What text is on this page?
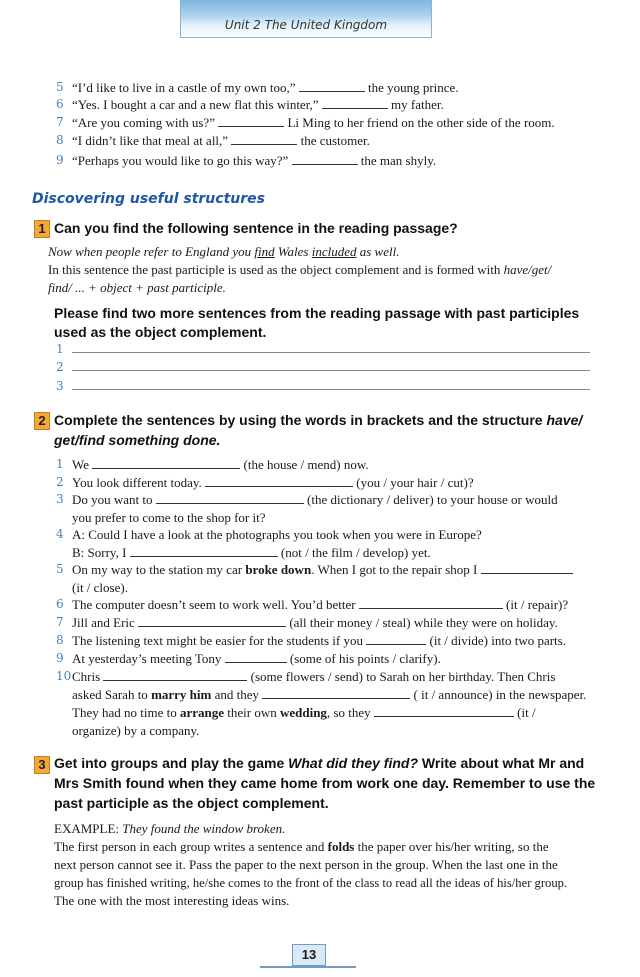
Unit 2 The United Kingdom
5 “I’d like to live in a castle of my own too,”	the young prince.
6 “Yes. I bought a car and a new flat this winter,”	my father.
7 “Are you coming with us?”	Li Ming to her friend on the other side of the room.
8 “I didn’t like that meal at all,”	the customer.
9 “Perhaps you would like to go this way?”	the man shyly.
Discovering useful structures
1 Can you find the following sentence in the reading passage?
Now when people refer to England you find Wales included as well.
In this sentence the past participle is used as the object complement and is formed with have/get/
find/ ... + object + past participle.
Please find two more sentences from the reading passage with past participles
used as the object complement.
1
2
3
2 Complete the sentences by using the words in brackets and the structure have/
get/find something done.
1 We	(the house / mend) now.
2 You look different today.	(you / your hair / cut)?
3 Do you want to	(the dictionary / deliver) to your house or would
you prefer to come to the shop for it?
4 A: Could I have a look at the photographs you took when you were in Europe?
B: Sorry, I	(not / the film / develop) yet.
5 On my way to the station my car broke down. When I got to the repair shop I
(it / close).
6 The computer doesn’t seem to work well. You’d better	(it / repair)?
7 Jill and Eric	(all their money / steal) while they were on holiday.
8 The listening text might be easier for the students if you	(it / divide) into two parts.
9 At yesterday’s meeting Tony	(some of his points / clarify).
10 Chris	(some flowers / send) to Sarah on her birthday. Then Chris
asked Sarah to marry him and they	( it / announce) in the newspaper.
They had no time to arrange their own wedding, so they	(it /
organize) by a company.
3 Get into groups and play the game What did they find? Write about what Mr and
Mrs Smith found when they came home from work one day. Remember to use the
past participle as the object complement.
EXAMPLE: They found the window broken.
The first person in each group writes a sentence and folds the paper over his/her writing, so the
next person cannot see it. Pass the paper to the next person in the group. When the last one in the
group has finished writing, he/she comes to the front of the class to read all the ideas of his/her group.
The one with the most interesting ideas wins.
13
